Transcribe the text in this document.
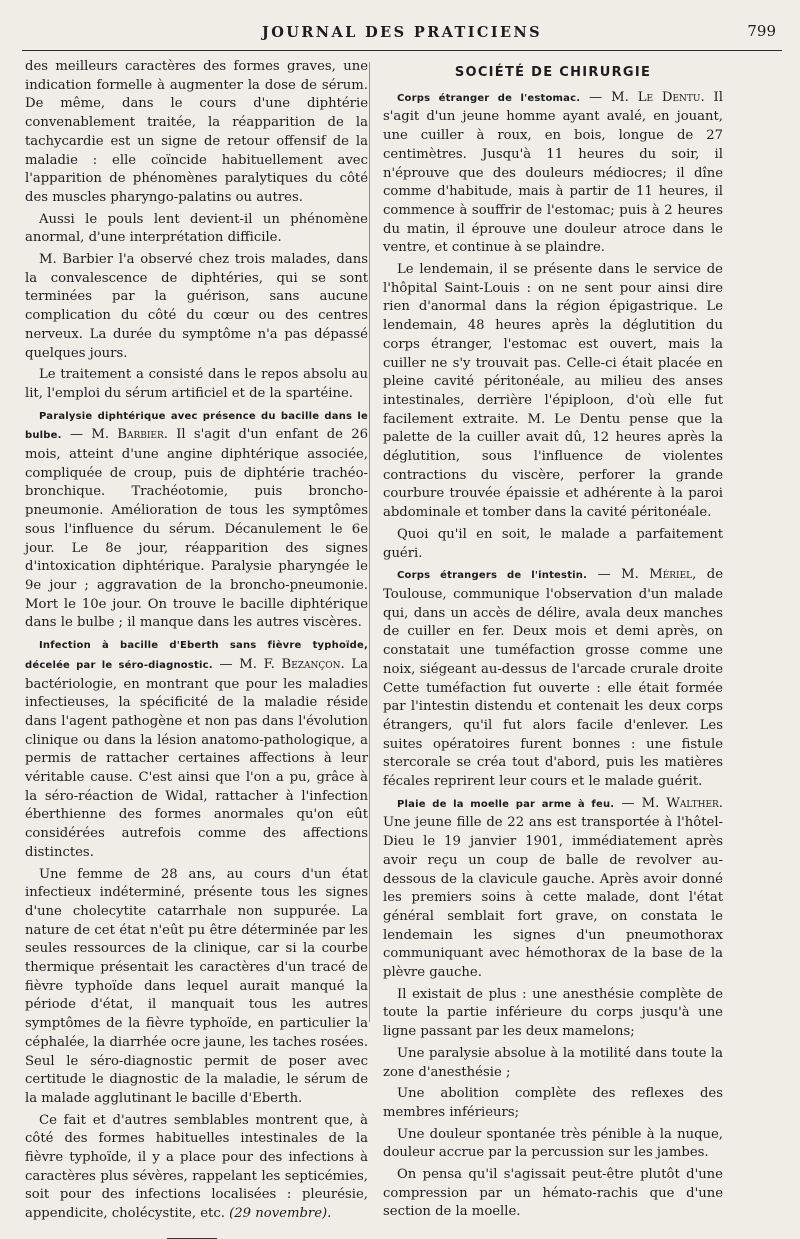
JOURNAL DES PRATICIENS	799

des meilleurs caractères des formes graves, une indication formelle à augmenter la dose de sérum. De même, dans le cours d'une diphtérie convenablement traitée, la réapparition de la tachycardie est un signe de retour offensif de la maladie : elle coïncide habituellement avec l'apparition de phénomènes paralytiques du côté des muscles pharyngo-palatins ou autres.

Aussi le pouls lent devient-il un phénomène anormal, d'une interprétation difficile.

M. Barbier l'a observé chez trois malades, dans la convalescence de diphtéries, qui se sont terminées par la guérison, sans aucune complication du côté du cœur ou des centres nerveux. La durée du symptôme n'a pas dépassé quelques jours.

Le traitement a consisté dans le repos absolu au lit, l'emploi du sérum artificiel et de la spartéine.

Paralysie diphtérique avec présence du bacille dans le bulbe. — M. Barbier. Il s'agit d'un enfant de 26 mois, atteint d'une angine diphtérique associée, compliquée de croup, puis de diphtérie trachéo-bronchique. Trachéotomie, puis broncho-pneumonie. Amélioration de tous les symptômes sous l'influence du sérum. Décanulement le 6e jour. Le 8e jour, réapparition des signes d'intoxication diphtérique. Paralysie pharyngée le 9e jour ; aggravation de la broncho-pneumonie. Mort le 10e jour. On trouve le bacille diphtérique dans le bulbe ; il manque dans les autres viscères.

Infection à bacille d'Eberth sans fièvre typhoïde, décelée par le séro-diagnostic. — M. F. Bezançon. La bactériologie, en montrant que pour les maladies infectieuses, la spécificité de la maladie réside dans l'agent pathogène et non pas dans l'évolution clinique ou dans la lésion anatomo-pathologique, a permis de rattacher certaines affections à leur véritable cause. C'est ainsi que l'on a pu, grâce à la séro-réaction de Widal, rattacher à l'infection éberthienne des formes anormales qu'on eût considérées autrefois comme des affections distinctes.

Une femme de 28 ans, au cours d'un état infectieux indéterminé, présente tous les signes d'une cholecytite catarrhale non suppurée. La nature de cet état n'eût pu être déterminée par les seules ressources de la clinique, car si la courbe thermique présentait les caractères d'un tracé de fièvre typhoïde dans lequel aurait manqué la période d'état, il manquait tous les autres symptômes de la fièvre typhoïde, en particulier la céphalée, la diarrhée ocre jaune, les taches rosées. Seul le séro-diagnostic permit de poser avec certitude le diagnostic de la maladie, le sérum de la malade agglutinant le bacille d'Eberth.

Ce fait et d'autres semblables montrent que, à côté des formes habituelles intestinales de la fièvre typhoïde, il y a place pour des infections à caractères plus sévères, rappelant les septicémies, soit pour des infections localisées : pleurésie, appendicite, cholécystite, etc. (29 novembre).

SOCIÉTÉ DE CHIRURGIE

Corps étranger de l'estomac. — M. Le Dentu. Il s'agit d'un jeune homme ayant avalé, en jouant, une cuiller à roux, en bois, longue de 27 centimètres. Jusqu'à 11 heures du soir, il n'éprouve que des douleurs médiocres; il dîne comme d'habitude, mais à partir de 11 heures, il commence à souffrir de l'estomac; puis à 2 heures du matin, il éprouve une douleur atroce dans le ventre, et continue à se plaindre.

Le lendemain, il se présente dans le service de l'hôpital Saint-Louis : on ne sent pour ainsi dire rien d'anormal dans la région épigastrique. Le lendemain, 48 heures après la déglutition du corps étranger, l'estomac est ouvert, mais la cuiller ne s'y trouvait pas. Celle-ci était placée en pleine cavité péritonéale, au milieu des anses intestinales, derrière l'épiploon, d'où elle fut facilement extraite. M. Le Dentu pense que la palette de la cuiller avait dû, 12 heures après la déglutition, sous l'influence de violentes contractions du viscère, perforer la grande courbure trouvée épaissie et adhérente à la paroi abdominale et tomber dans la cavité péritonéale.

Quoi qu'il en soit, le malade a parfaitement guéri.

Corps étrangers de l'intestin. — M. Mériel, de Toulouse, communique l'observation d'un malade qui, dans un accès de délire, avala deux manches de cuiller en fer. Deux mois et demi après, on constatait une tuméfaction grosse comme une noix, siégeant au-dessus de l'arcade crurale droite Cette tuméfaction fut ouverte : elle était formée par l'intestin distendu et contenait les deux corps étrangers, qu'il fut alors facile d'enlever. Les suites opératoires furent bonnes : une fistule stercorale se créa tout d'abord, puis les matières fécales reprirent leur cours et le malade guérit.

Plaie de la moelle par arme à feu. — M. Walther. Une jeune fille de 22 ans est transportée à l'hôtel-Dieu le 19 janvier 1901, immédiatement après avoir reçu un coup de balle de revolver au-dessous de la clavicule gauche. Après avoir donné les premiers soins à cette malade, dont l'état général semblait fort grave, on constata le lendemain les signes d'un pneumothorax communiquant avec hémothorax de la base de la plèvre gauche.

Il existait de plus : une anesthésie complète de toute la partie inférieure du corps jusqu'à une ligne passant par les deux mamelons;

Une paralysie absolue à la motilité dans toute la zone d'anesthésie ;

Une abolition complète des reflexes des membres inférieurs;

Une douleur spontanée très pénible à la nuque, douleur accrue par la percussion sur les jambes.

On pensa qu'il s'agissait peut-être plutôt d'une compression par un hémato-rachis que d'une section de la moelle.
